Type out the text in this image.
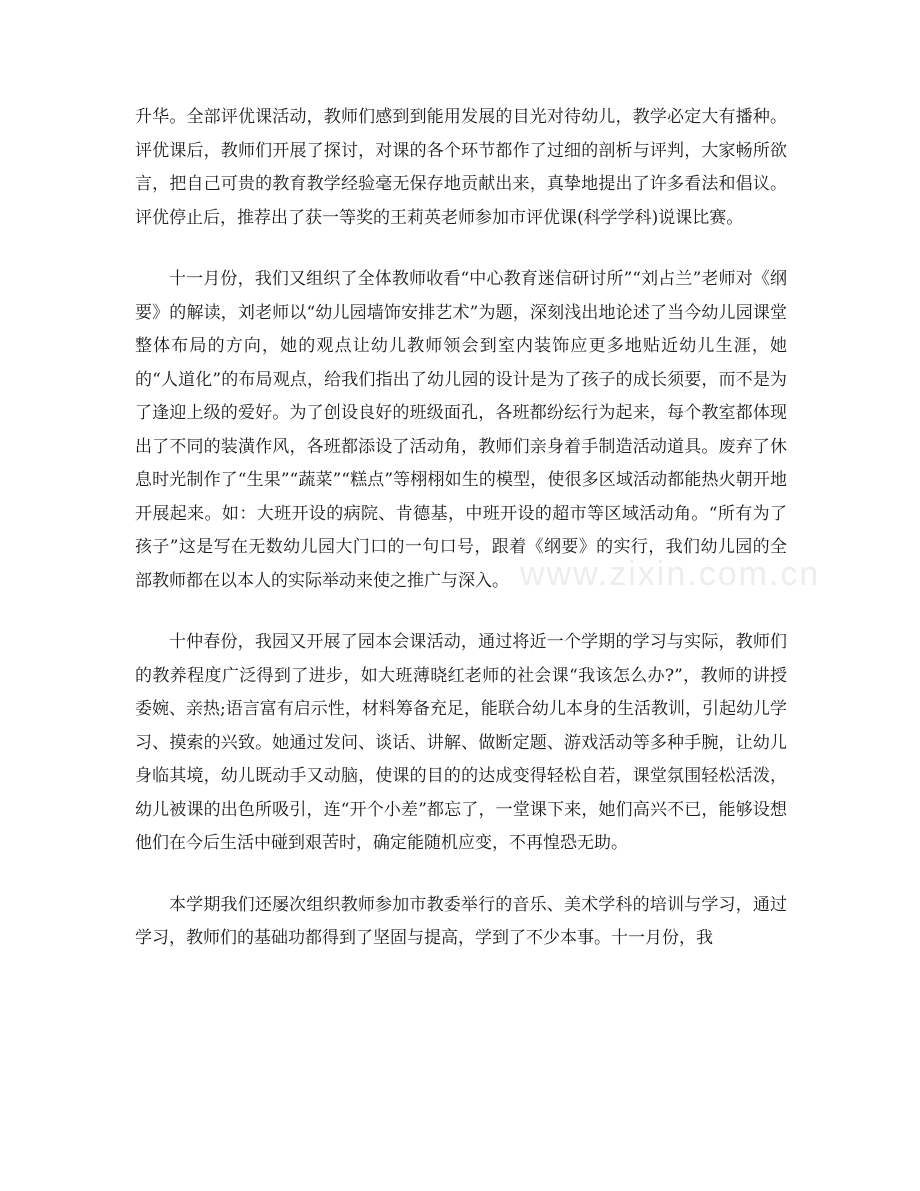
升华。全部评优课活动，教师们感到到能用发展的目光对待幼儿，教学必定大有播种。评优课后，教师们开展了探讨，对课的各个环节都作了过细的剖析与评判，大家畅所欲言，把自己可贵的教育教学经验毫无保存地贡献出来，真挚地提出了许多看法和倡议。评优停止后，推荐出了获一等奖的王莉英老师参加市评优课(科学学科)说课比赛。

十一月份，我们又组织了全体教师收看“中心教育迷信研讨所”“刘占兰”老师对《纲要》的解读，刘老师以“幼儿园墙饰安排艺术”为题，深刻浅出地论述了当今幼儿园课堂整体布局的方向，她的观点让幼儿教师领会到室内装饰应更多地贴近幼儿生涯，她的“人道化”的布局观点，给我们指出了幼儿园的设计是为了孩子的成长须要，而不是为了逢迎上级的爱好。为了创设良好的班级面孔，各班都纷纭行为起来，每个教室都体现出了不同的装潢作风，各班都添设了活动角，教师们亲身着手制造活动道具。废弃了休息时光制作了“生果”“蔬菜”“糕点”等栩栩如生的模型，使很多区域活动都能热火朝开地开展起来。如：大班开设的病院、肯德基，中班开设的超市等区域活动角。“所有为了孩子”这是写在无数幼儿园大门口的一句口号，跟着《纲要》的实行，我们幼儿园的全部教师都在以本人的实际举动来使之推广与深入。

十仲春份，我园又开展了园本会课活动，通过将近一个学期的学习与实际，教师们的教养程度广泛得到了进步，如大班薄晓红老师的社会课“我该怎么办?”，教师的讲授委婉、亲热;语言富有启示性，材料筹备充足，能联合幼儿本身的生活教训，引起幼儿学习、摸索的兴致。她通过发问、谈话、讲解、做断定题、游戏活动等多种手腕，让幼儿身临其境，幼儿既动手又动脑，使课的目的的达成变得轻松自若，课堂氛围轻松活泼，幼儿被课的出色所吸引，连“开个小差”都忘了，一堂课下来，她们高兴不已，能够设想他们在今后生活中碰到艰苦时，确定能随机应变，不再惶恐无助。

本学期我们还屡次组织教师参加市教委举行的音乐、美术学科的培训与学习，通过学习，教师们的基础功都得到了坚固与提高，学到了不少本事。十一月份，我

www.zixin.com.cn
